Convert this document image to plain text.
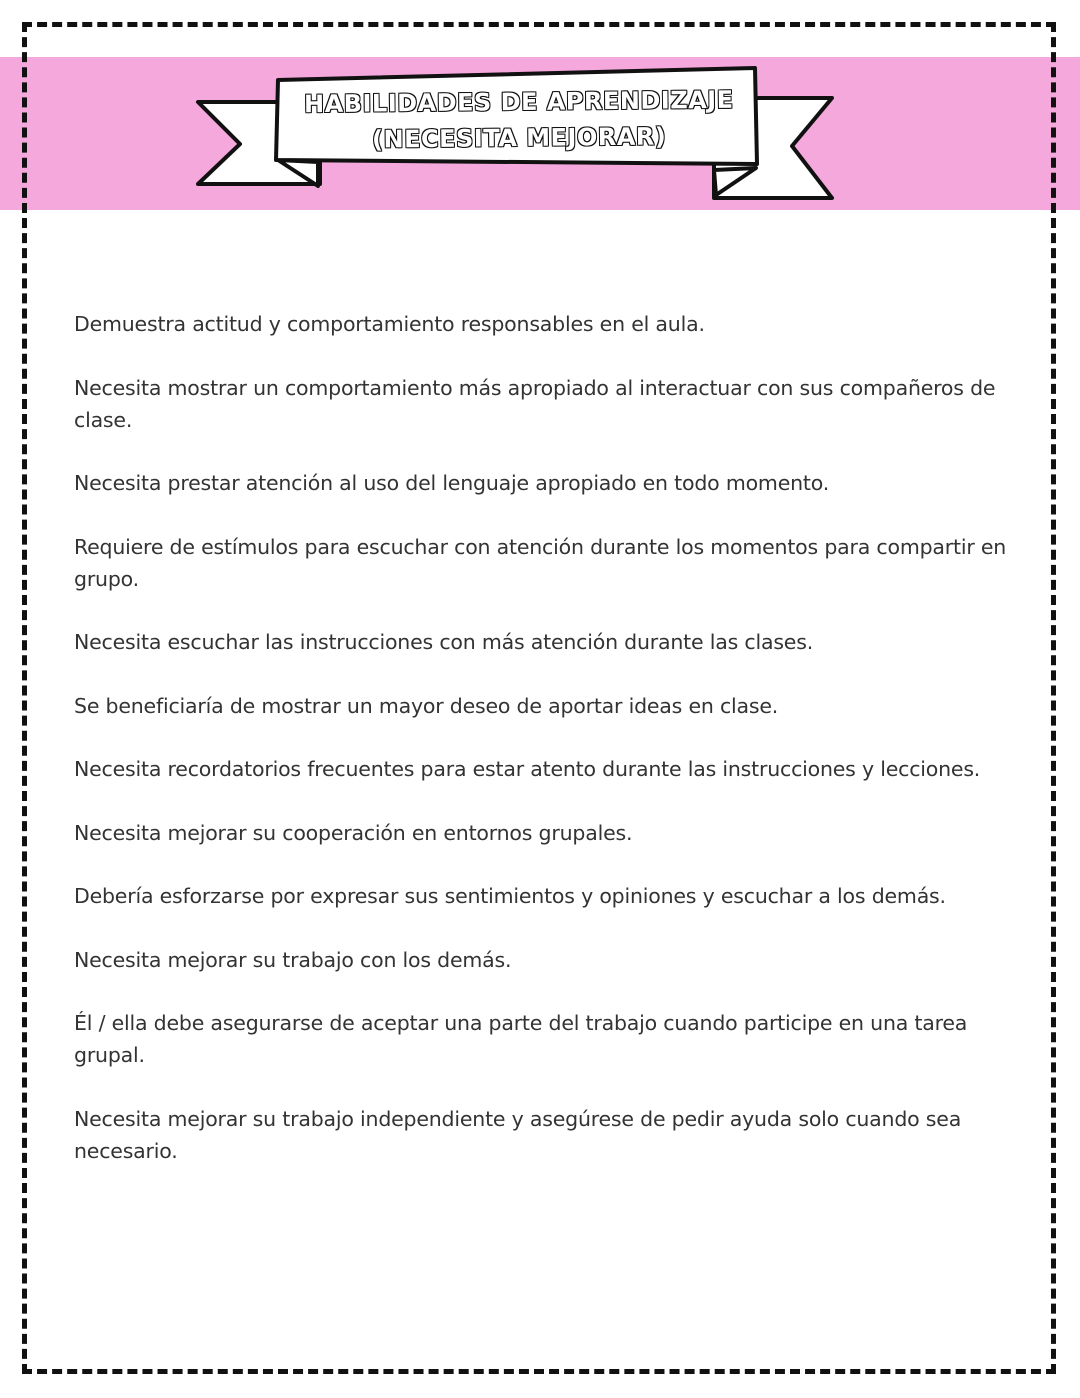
HABILIDADES DE APRENDIZAJE
(NECESITA MEJORAR)
Demuestra actitud y comportamiento responsables en el aula.
Necesita mostrar un comportamiento más apropiado al interactuar con sus compañeros de clase.
Necesita prestar atención al uso del lenguaje apropiado en todo momento.
Requiere de estímulos para escuchar con atención durante los momentos para compartir en grupo.
Necesita escuchar las instrucciones con más atención durante las clases.
Se beneficiaría de mostrar un mayor deseo de aportar ideas en clase.
Necesita recordatorios frecuentes para estar atento durante las instrucciones y lecciones.
Necesita mejorar su cooperación en entornos grupales.
Debería esforzarse por expresar sus sentimientos y opiniones y escuchar a los demás.
Necesita mejorar su trabajo con los demás.
Él / ella debe asegurarse de aceptar una parte del trabajo cuando participe en una tarea grupal.
Necesita mejorar su trabajo independiente y asegúrese de pedir ayuda solo cuando sea necesario.
